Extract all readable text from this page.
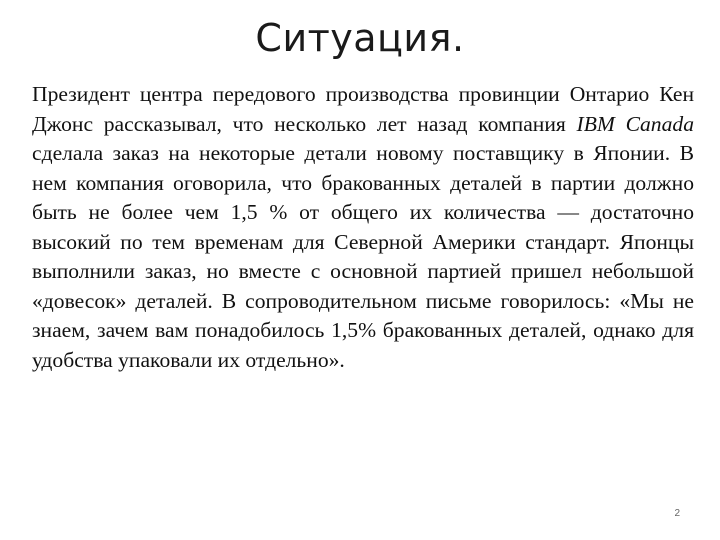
Ситуация.

Президент центра передового производства провинции Онтарио Кен Джонс рассказывал, что несколько лет назад компания IBM Canada сделала заказ на некоторые детали новому поставщику в Японии. В нем компания оговорила, что бракованных деталей в партии должно быть не более чем 1,5 % от общего их количества — достаточно высокий по тем временам для Северной Америки стандарт. Японцы выполнили заказ, но вместе с основной партией пришел небольшой «довесок» деталей. В сопроводительном письме говорилось: «Мы не знаем, зачем вам понадобилось 1,5% бракованных деталей, однако для удобства упаковали их отдельно».

2
